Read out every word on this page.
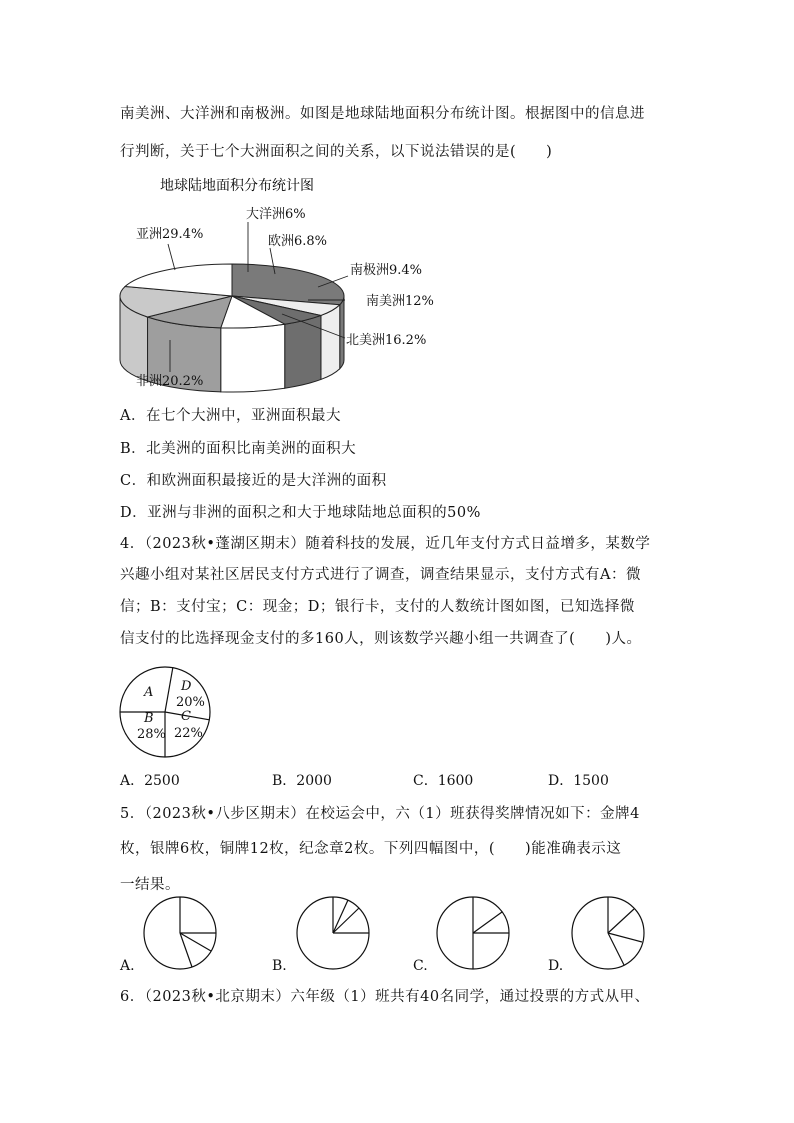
南美洲、大洋洲和南极洲。如图是地球陆地面积分布统计图。根据图中的信息进
行判断，关于七个大洲面积之间的关系，以下说法错误的是(　　)
地球陆地面积分布统计图
亚洲29.4%
大洋洲6%
欧洲6.8%
南极洲9.4%
南美洲12%
北美洲16.2%
非洲20.2%
A．在七个大洲中，亚洲面积最大
B．北美洲的面积比南美洲的面积大
C．和欧洲面积最接近的是大洋洲的面积
D．亚洲与非洲的面积之和大于地球陆地总面积的50%
4．（2023秋•蓬湖区期末）随着科技的发展，近几年支付方式日益增多，某数学
兴趣小组对某社区居民支付方式进行了调查，调查结果显示，支付方式有A：微
信；B：支付宝；C：现金；D；银行卡，支付的人数统计图如图，已知选择微
信支付的比选择现金支付的多160人，则该数学兴趣小组一共调查了(　　)人。
A D
20%
C
22%
B
28%
A．2500	B．2000	C．1600	D．1500
5．（2023秋•八步区期末）在校运会中，六（1）班获得奖牌情况如下：金牌4
枚，银牌6枚，铜牌12枚，纪念章2枚。下列四幅图中，(　　)能准确表示这
一结果。
A.	B.	C.	D.
6．（2023秋•北京期末）六年级（1）班共有40名同学，通过投票的方式从甲、
